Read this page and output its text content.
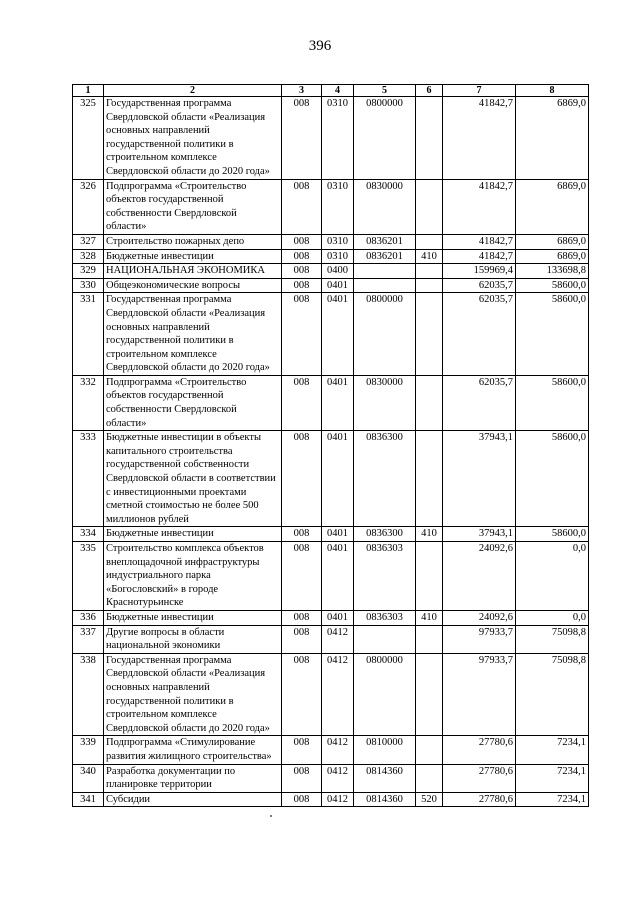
396
1	2	3	4	5	6	7	8
325	Государственная программа Свердловской области «Реализация основных направлений государственной политики в строительном комплексе Свердловской области до 2020 года»	008	0310	0800000		41842,7	6869,0
326	Подпрограмма «Строительство объектов государственной собственности Свердловской области»	008	0310	0830000		41842,7	6869,0
327	Строительство пожарных депо	008	0310	0836201		41842,7	6869,0
328	Бюджетные инвестиции	008	0310	0836201	410	41842,7	6869,0
329	НАЦИОНАЛЬНАЯ ЭКОНОМИКА	008	0400			159969,4	133698,8
330	Общеэкономические вопросы	008	0401			62035,7	58600,0
331	Государственная программа Свердловской области «Реализация основных направлений государственной политики в строительном комплексе Свердловской области до 2020 года»	008	0401	0800000		62035,7	58600,0
332	Подпрограмма «Строительство объектов государственной собственности Свердловской области»	008	0401	0830000		62035,7	58600,0
333	Бюджетные инвестиции в объекты капитального строительства государственной собственности Свердловской области в соответствии с инвестиционными проектами сметной стоимостью не более 500 миллионов рублей	008	0401	0836300		37943,1	58600,0
334	Бюджетные инвестиции	008	0401	0836300	410	37943,1	58600,0
335	Строительство комплекса объектов внеплощадочной инфраструктуры индустриального парка «Богословский» в городе Краснотурьинске	008	0401	0836303		24092,6	0,0
336	Бюджетные инвестиции	008	0401	0836303	410	24092,6	0,0
337	Другие вопросы в области национальной экономики	008	0412			97933,7	75098,8
338	Государственная программа Свердловской области «Реализация основных направлений государственной политики в строительном комплексе Свердловской области до 2020 года»	008	0412	0800000		97933,7	75098,8
339	Подпрограмма «Стимулирование развития жилищного строительства»	008	0412	0810000		27780,6	7234,1
340	Разработка документации по планировке территории	008	0412	0814360		27780,6	7234,1
341	Субсидии	008	0412	0814360	520	27780,6	7234,1
